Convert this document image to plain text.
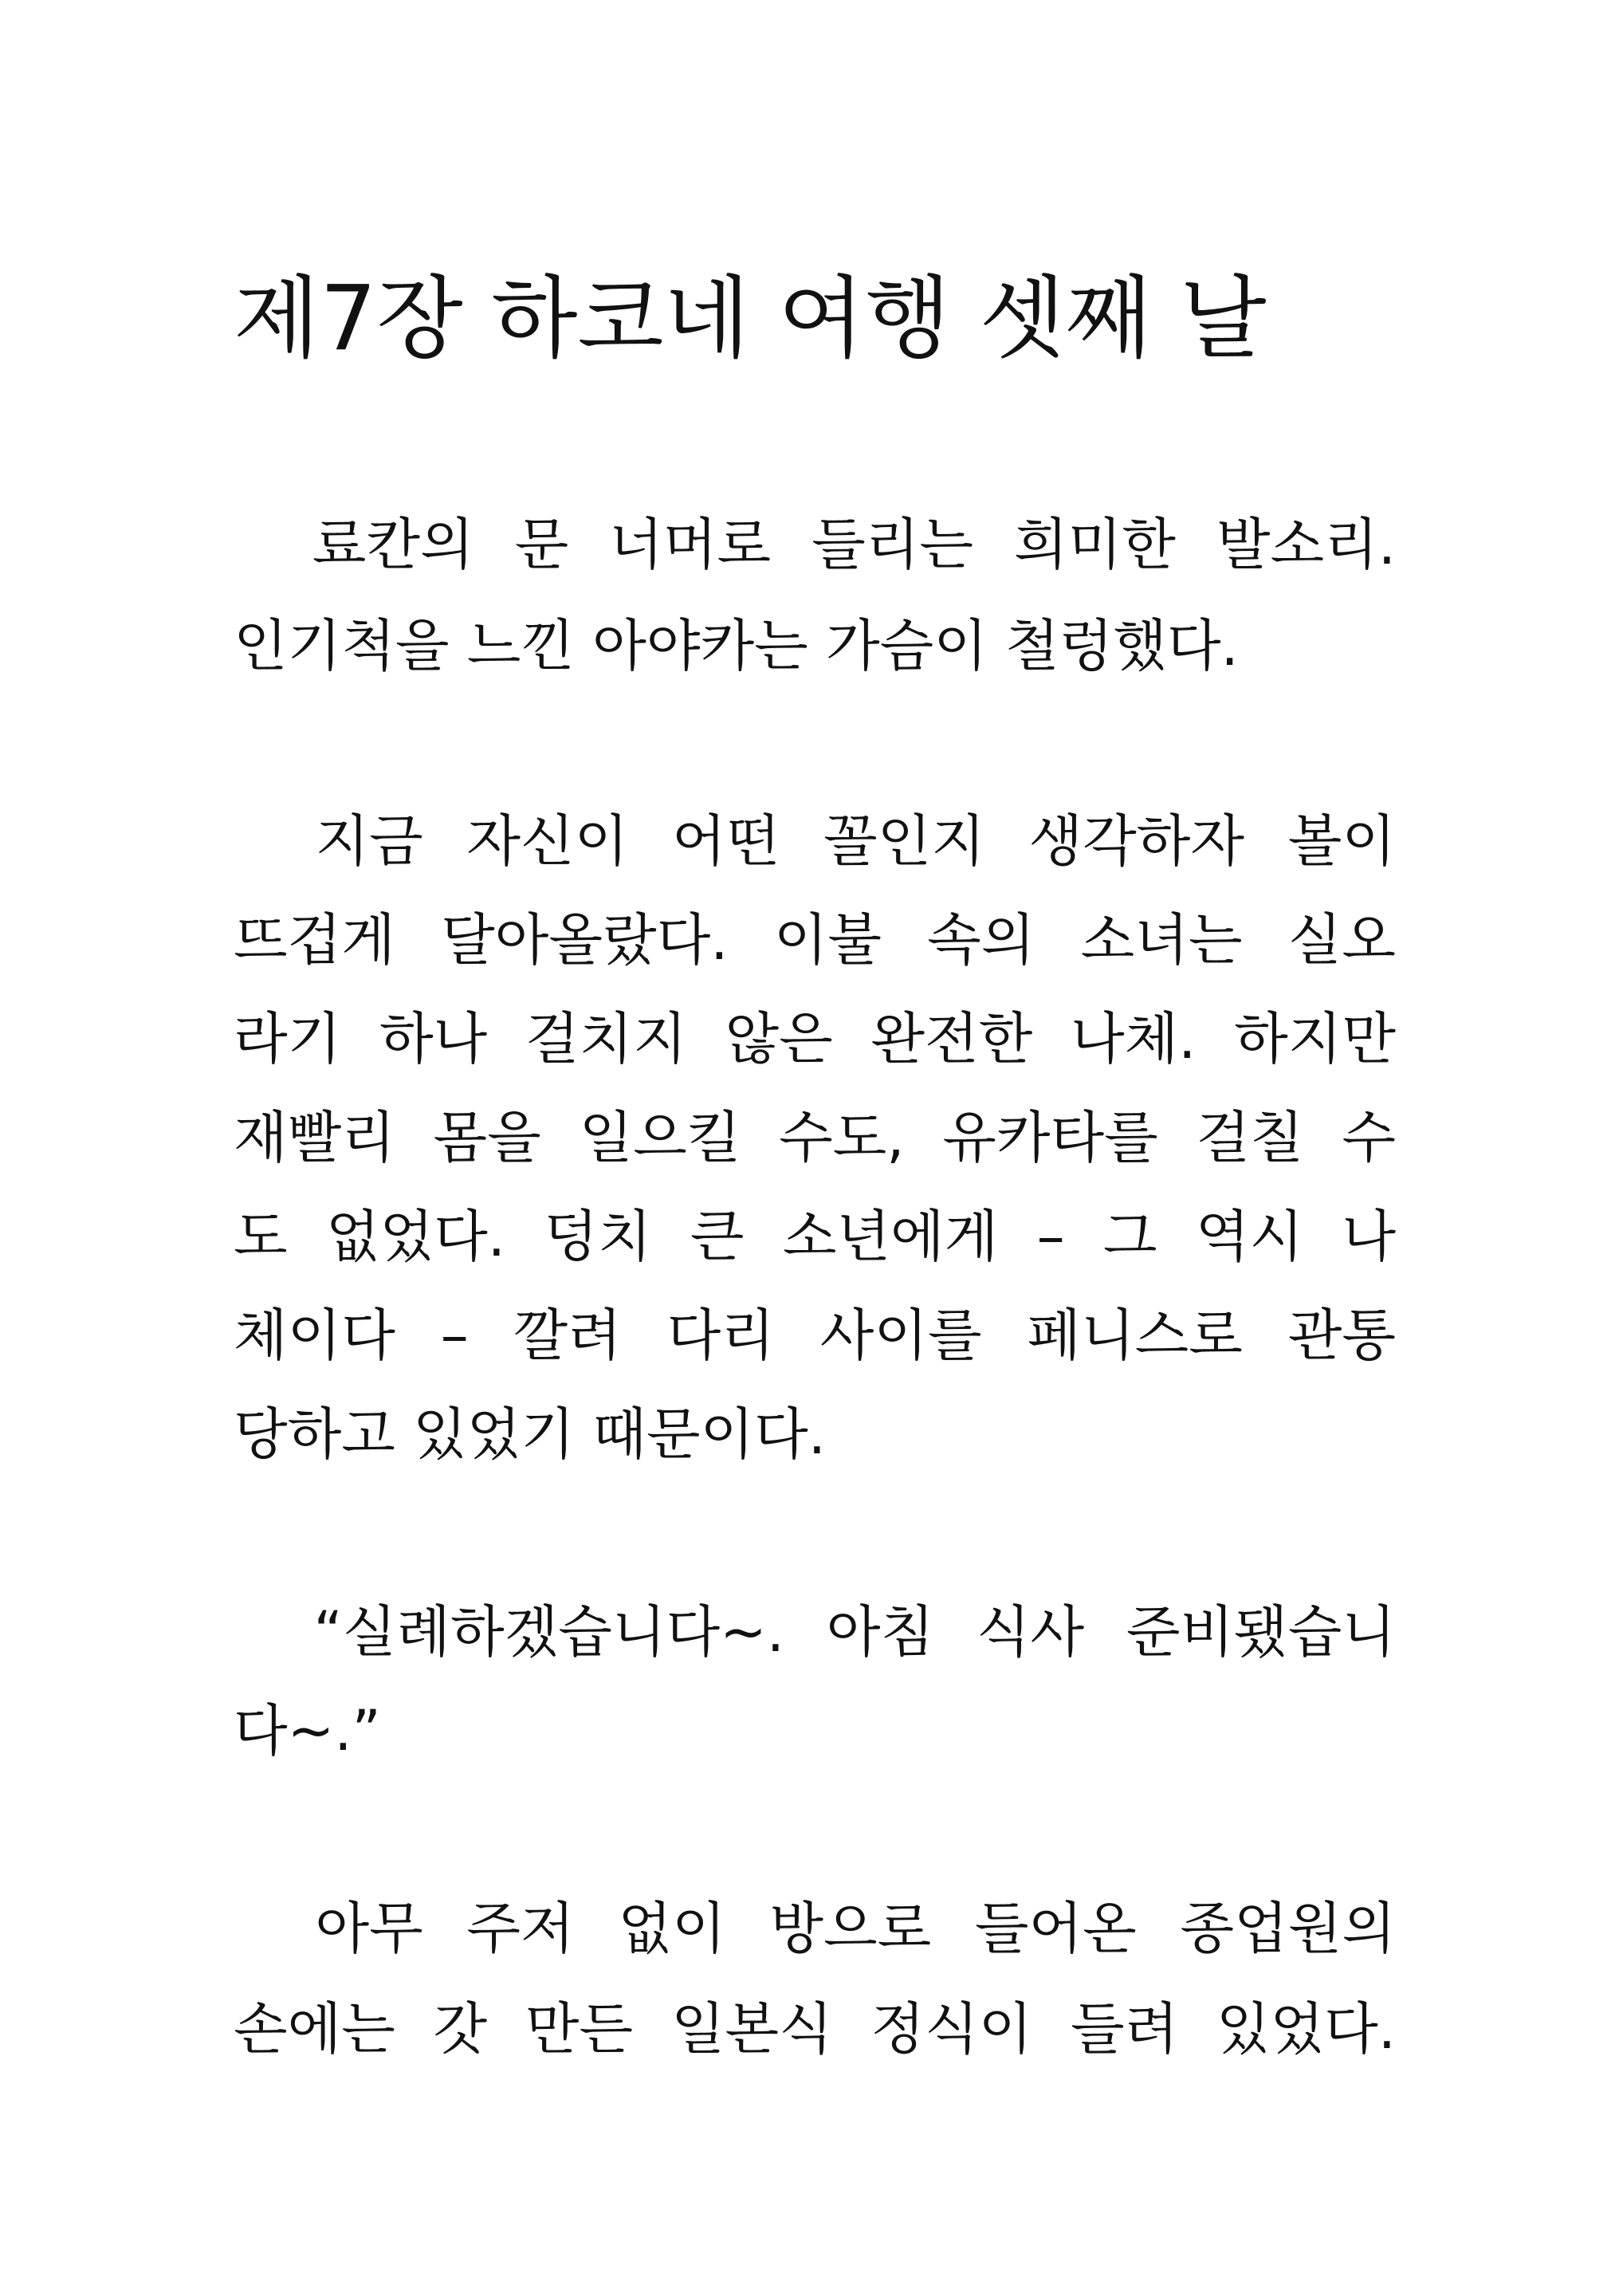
제7장 하코네 여행 셋째 날
　료칸의 문 너머로 들리는 희미한 발소리.
인기척을 느낀 아야카는 가슴이 철렁했다.
　지금 자신이 어떤 꼴인지 생각하자 볼이
뜨겁게 달아올랐다. 이불 속의 소녀는 실오
라기 하나 걸치지 않은 완전한 나체. 하지만
재빨리 몸을 일으킬 수도, 유카타를 걸칠 수
도 없었다. 덩치 큰 소년에게 – 그 역시 나
체이다 – 깔려 다리 사이를 페니스로 관통
당하고 있었기 때문이다.
　“실례하겠습니다~. 아침 식사 준비됐습니
다~.”
　아무 주저 없이 방으로 들어온 종업원의
손에는 갓 만든 일본식 정식이 들려 있었다.
